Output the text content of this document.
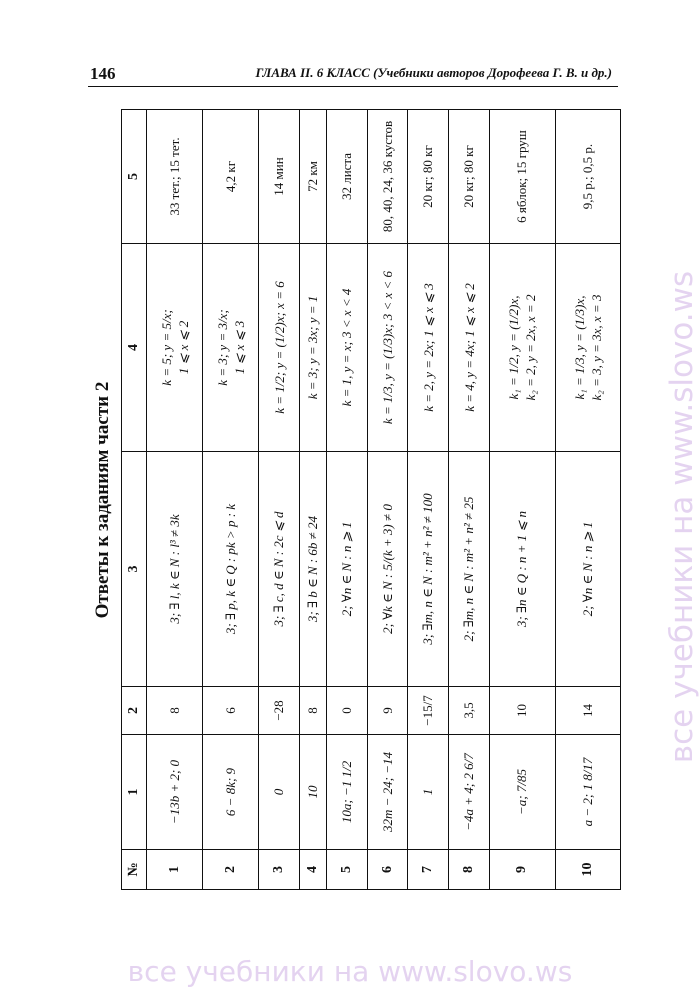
146	ГЛАВА II. 6 КЛАСС (Учебники авторов Дорофеева Г. В. и др.)
Ответы к заданиям части 2
№	1	2	3	4	5
1	−13b + 2; 0	8	3; ∃ l, k ∈ N : l³ ≠ 3k	k = 5; y = 5/x; 1 ⩽ x ⩽ 2	33 тет.; 15 тет.
2	6 − 8k; 9	6	3; ∃ p, k ∈ Q : pk > p : k	k = 3; y = 3/x; 1 ⩽ x ⩽ 3	4,2 кг
3	0	−28	3; ∃ c, d ∈ N : 2c ⩽ d	k = 1/2; y = (1/2)x; x = 6	14 мин
4	10	8	3; ∃ b ∈ N : 6b ≠ 24	k = 3; y = 3x; y = 1	72 км
5	10a; −1 1/2	0	2; ∀n ∈ N : n ⩾ 1	k = 1, y = x; 3 < x < 4	32 листа
6	32m − 24; −14	9	2; ∀k ∈ N : 5/(k + 3) ≠ 0	k = 1/3, y = (1/3)x; 3 < x < 6	80, 40, 24, 36 кустов
7	1	−15/7	3; ∃m, n ∈ N : m² + n² ≠ 100	k = 2, y = 2x; 1 ⩽ x ⩽ 3	20 кг; 80 кг
8	−4a + 4; 2 6/7	3,5	2; ∃m, n ∈ N : m² + n² ≠ 25	k = 4, y = 4x; 1 ⩽ x ⩽ 2	20 кг; 80 кг
9	−a; 7/85	10	3; ∃n ∈ Q : n + 1 ⩽ n	k₁ = 1/2, y = (1/2)x, k₂ = 2, y = 2x, x = 2	6 яблок; 15 груш
10	a − 2; 1 8/17	14	2; ∀n ∈ N : n ⩾ 1	k₁ = 1/3, y = (1/3)x, k₂ = 3, y = 3x, x = 3	9,5 р.; 0,5 р.
все учебники на www.slovo.ws
все учебники на www.slovo.ws
